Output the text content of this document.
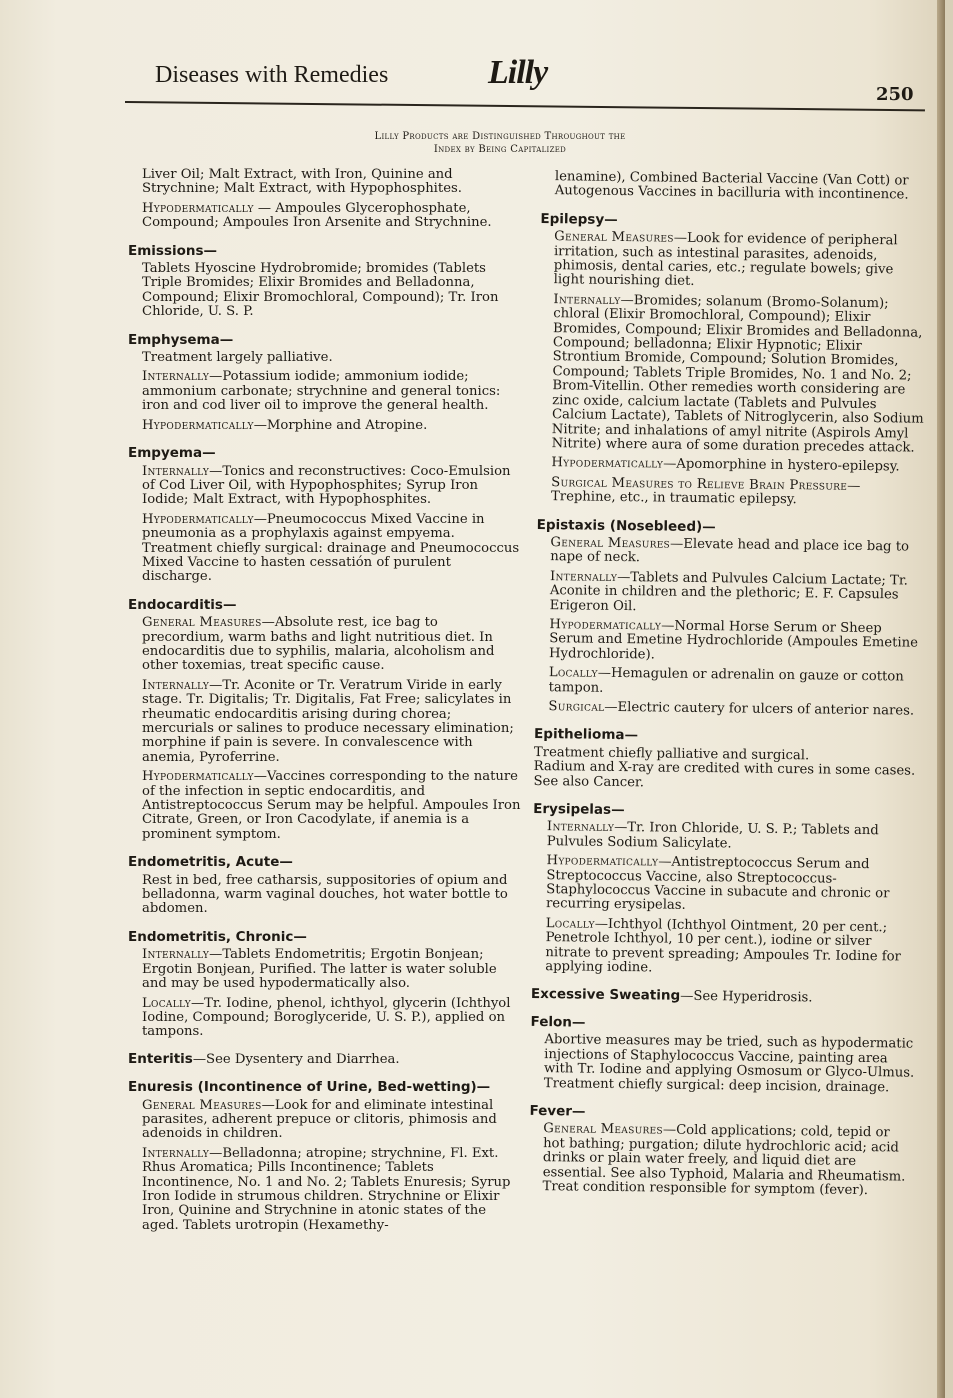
Diseases with Remedies	Lilly
250
Lilly Products are Distinguished Throughout the
Index by Being Capitalized

Liver Oil; Malt Extract, with Iron, Quinine and Strychnine; Malt Extract, with Hypophosphites.

Hypodermatically — Ampoules Glycerophosphate, Compound; Ampoules Iron Arsenite and Strychnine.

Emissions—

Tablets Hyoscine Hydrobromide; bromides (Tablets Triple Bromides; Elixir Bromides and Belladonna, Compound; Elixir Bromochloral, Compound); Tr. Iron Chloride, U. S. P.

Emphysema—

Treatment largely palliative.

Internally—Potassium iodide; ammonium iodide; ammonium carbonate; strychnine and general tonics: iron and cod liver oil to improve the general health.

Hypodermatically—Morphine and Atropine.

Empyema—

Internally—Tonics and reconstructives: Coco-Emulsion of Cod Liver Oil, with Hypophosphites; Syrup Iron Iodide; Malt Extract, with Hypophosphites.

Hypodermatically—Pneumococcus Mixed Vaccine in pneumonia as a prophylaxis against empyema. Treatment chiefly surgical: drainage and Pneumococcus Mixed Vaccine to hasten cessatión of purulent discharge.

Endocarditis—

General Measures—Absolute rest, ice bag to precordium, warm baths and light nutritious diet. In endocarditis due to syphilis, malaria, alcoholism and other toxemias, treat specific cause.

Internally—Tr. Aconite or Tr. Veratrum Viride in early stage. Tr. Digitalis; Tr. Digitalis, Fat Free; salicylates in rheumatic endocarditis arising during chorea; mercurials or salines to produce necessary elimination; morphine if pain is severe. In convalescence with anemia, Pyroferrine.

Hypodermatically—Vaccines corresponding to the nature of the infection in septic endocarditis, and Antistreptococcus Serum may be helpful. Ampoules Iron Citrate, Green, or Iron Cacodylate, if anemia is a prominent symptom.

Endometritis, Acute—

Rest in bed, free catharsis, suppositories of opium and belladonna, warm vaginal douches, hot water bottle to abdomen.

Endometritis, Chronic—

Internally—Tablets Endometritis; Ergotin Bonjean; Ergotin Bonjean, Purified. The latter is water soluble and may be used hypodermatically also.

Locally—Tr. Iodine, phenol, ichthyol, glycerin (Ichthyol Iodine, Compound; Boroglyceride, U. S. P.), applied on tampons.

Enteritis—See Dysentery and Diarrhea.
Enuresis (Incontinence of Urine, Bed-wetting)—

General Measures—Look for and eliminate intestinal parasites, adherent prepuce or clitoris, phimosis and adenoids in children.

Internally—Belladonna; atropine; strychnine, Fl. Ext. Rhus Aromatica; Pills Incontinence; Tablets Incontinence, No. 1 and No. 2; Tablets Enuresis; Syrup Iron Iodide in strumous children. Strychnine or Elixir Iron, Quinine and Strychnine in atonic states of the aged. Tablets urotropin (Hexamethy-

lenamine), Combined Bacterial Vaccine (Van Cott) or Autogenous Vaccines in bacilluria with incontinence.

Epilepsy—

General Measures—Look for evidence of peripheral irritation, such as intestinal parasites, adenoids, phimosis, dental caries, etc.; regulate bowels; give light nourishing diet.

Internally—Bromides; solanum (Bromo-Solanum); chloral (Elixir Bromochloral, Compound); Elixir Bromides, Compound; Elixir Bromides and Belladonna, Compound; belladonna; Elixir Hypnotic; Elixir Strontium Bromide, Compound; Solution Bromides, Compound; Tablets Triple Bromides, No. 1 and No. 2; Brom-Vitellin. Other remedies worth considering are zinc oxide, calcium lactate (Tablets and Pulvules Calcium Lactate), Tablets of Nitroglycerin, also Sodium Nitrite; and inhalations of amyl nitrite (Aspirols Amyl Nitrite) where aura of some duration precedes attack.

Hypodermatically—Apomorphine in hystero-epilepsy.

Surgical Measures to Relieve Brain Pressure—Trephine, etc., in traumatic epilepsy.

Epistaxis (Nosebleed)—

General Measures—Elevate head and place ice bag to nape of neck.

Internally—Tablets and Pulvules Calcium Lactate; Tr. Aconite in children and the plethoric; E. F. Capsules Erigeron Oil.

Hypodermatically—Normal Horse Serum or Sheep Serum and Emetine Hydrochloride (Ampoules Emetine Hydrochloride).

Locally—Hemagulen or adrenalin on gauze or cotton tampon.

Surgical—Electric cautery for ulcers of anterior nares.

Epithelioma—

Treatment chiefly palliative and surgical.

Radium and X-ray are credited with cures in some cases. See also Cancer.

Erysipelas—

Internally—Tr. Iron Chloride, U. S. P.; Tablets and Pulvules Sodium Salicylate.

Hypodermatically—Antistreptococcus Serum and Streptococcus Vaccine, also Streptococcus-Staphylococcus Vaccine in subacute and chronic or recurring erysipelas.

Locally—Ichthyol (Ichthyol Ointment, 20 per cent.; Penetrole Ichthyol, 10 per cent.), iodine or silver nitrate to prevent spreading; Ampoules Tr. Iodine for applying iodine.

Excessive Sweating—See Hyperidrosis.
Felon—

Abortive measures may be tried, such as hypodermatic injections of Staphylococcus Vaccine, painting area with Tr. Iodine and applying Osmosum or Glyco-Ulmus. Treatment chiefly surgical: deep incision, drainage.

Fever—

General Measures—Cold applications; cold, tepid or hot bathing; purgation; dilute hydrochloric acid; acid drinks or plain water freely, and liquid diet are essential. See also Typhoid, Malaria and Rheumatism. Treat condition responsible for symptom (fever).
